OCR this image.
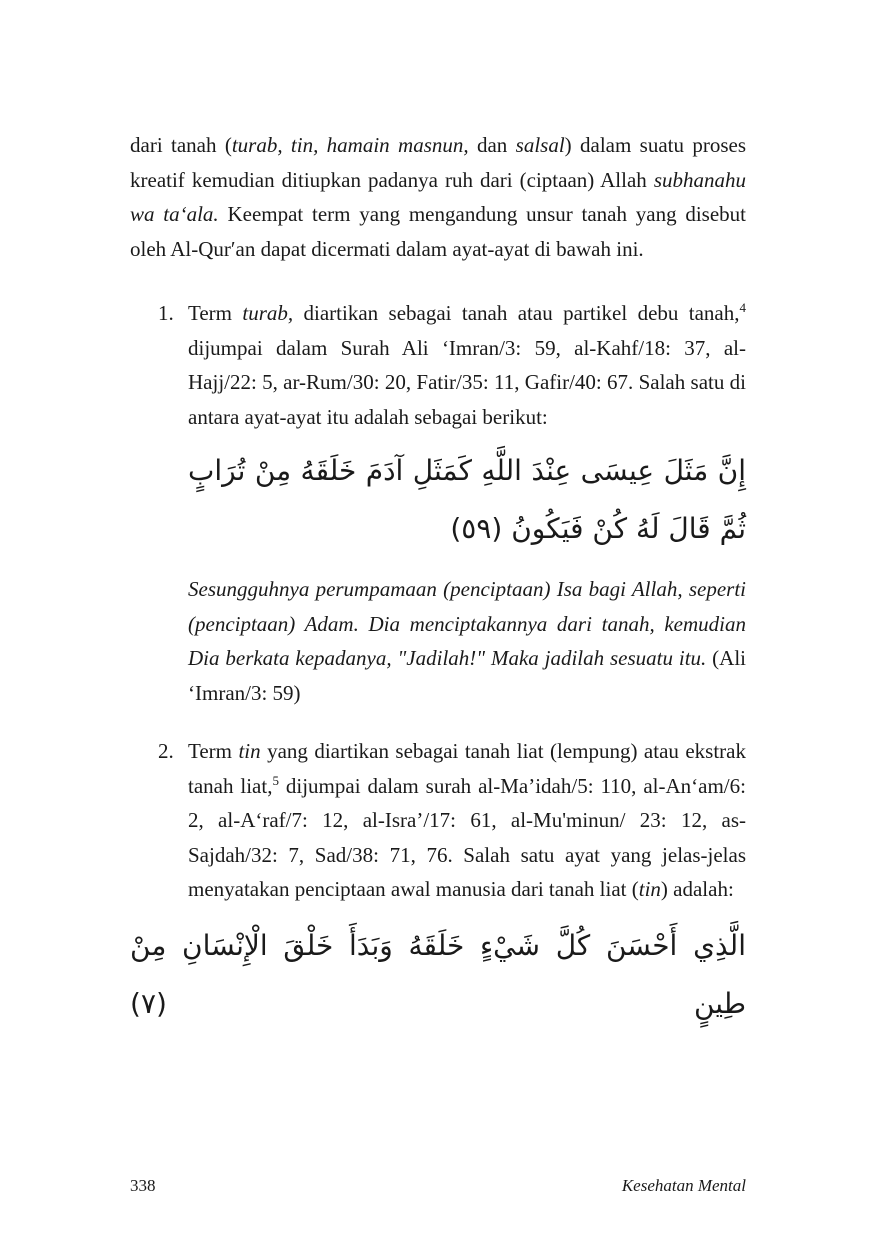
dari tanah (turab, tin, hamain masnun, dan salsal) dalam suatu proses kreatif kemudian ditiupkan padanya ruh dari (ciptaan) Allah subhanahu wa ta‘ala. Keempat term yang mengandung unsur tanah yang disebut oleh Al-Qur′an dapat dicermati dalam ayat-ayat di bawah ini.

1. Term turab, diartikan sebagai tanah atau partikel debu tanah,$^4$ dijumpai dalam Surah Ali ‘Imran/3: 59, al-Kahf/18: 37, al-Hajj/22: 5, ar-Rum/30: 20, Fatir/35: 11, Gafir/40: 67. Salah satu di antara ayat-ayat itu adalah sebagai berikut:

إِنَّ مَثَلَ عِيسَى عِنْدَ اللَّهِ كَمَثَلِ آدَمَ خَلَقَهُ مِنْ تُرَابٍ ثُمَّ قَالَ لَهُ كُنْ فَيَكُونُ (٥٩)

Sesungguhnya perumpamaan (penciptaan) Isa bagi Allah, seperti (penciptaan) Adam. Dia menciptakannya dari tanah, kemudian Dia berkata kepadanya, "Jadilah!" Maka jadilah sesuatu itu. (Ali ‘Imran/3: 59)

2. Term tin yang diartikan sebagai tanah liat (lempung) atau ekstrak tanah liat,$^5$ dijumpai dalam surah al-Ma’idah/5: 110, al-An‘am/6: 2, al-A‘raf/7: 12, al-Isra’/17: 61, al-Mu'minun/ 23: 12, as-Sajdah/32: 7, Sad/38: 71, 76. Salah satu ayat yang jelas-jelas menyatakan penciptaan awal manusia dari tanah liat (tin) adalah:

الَّذِي أَحْسَنَ كُلَّ شَيْءٍ خَلَقَهُ وَبَدَأَ خَلْقَ الْإِنْسَانِ مِنْ طِينٍ (٧)

338	Kesehatan Mental
